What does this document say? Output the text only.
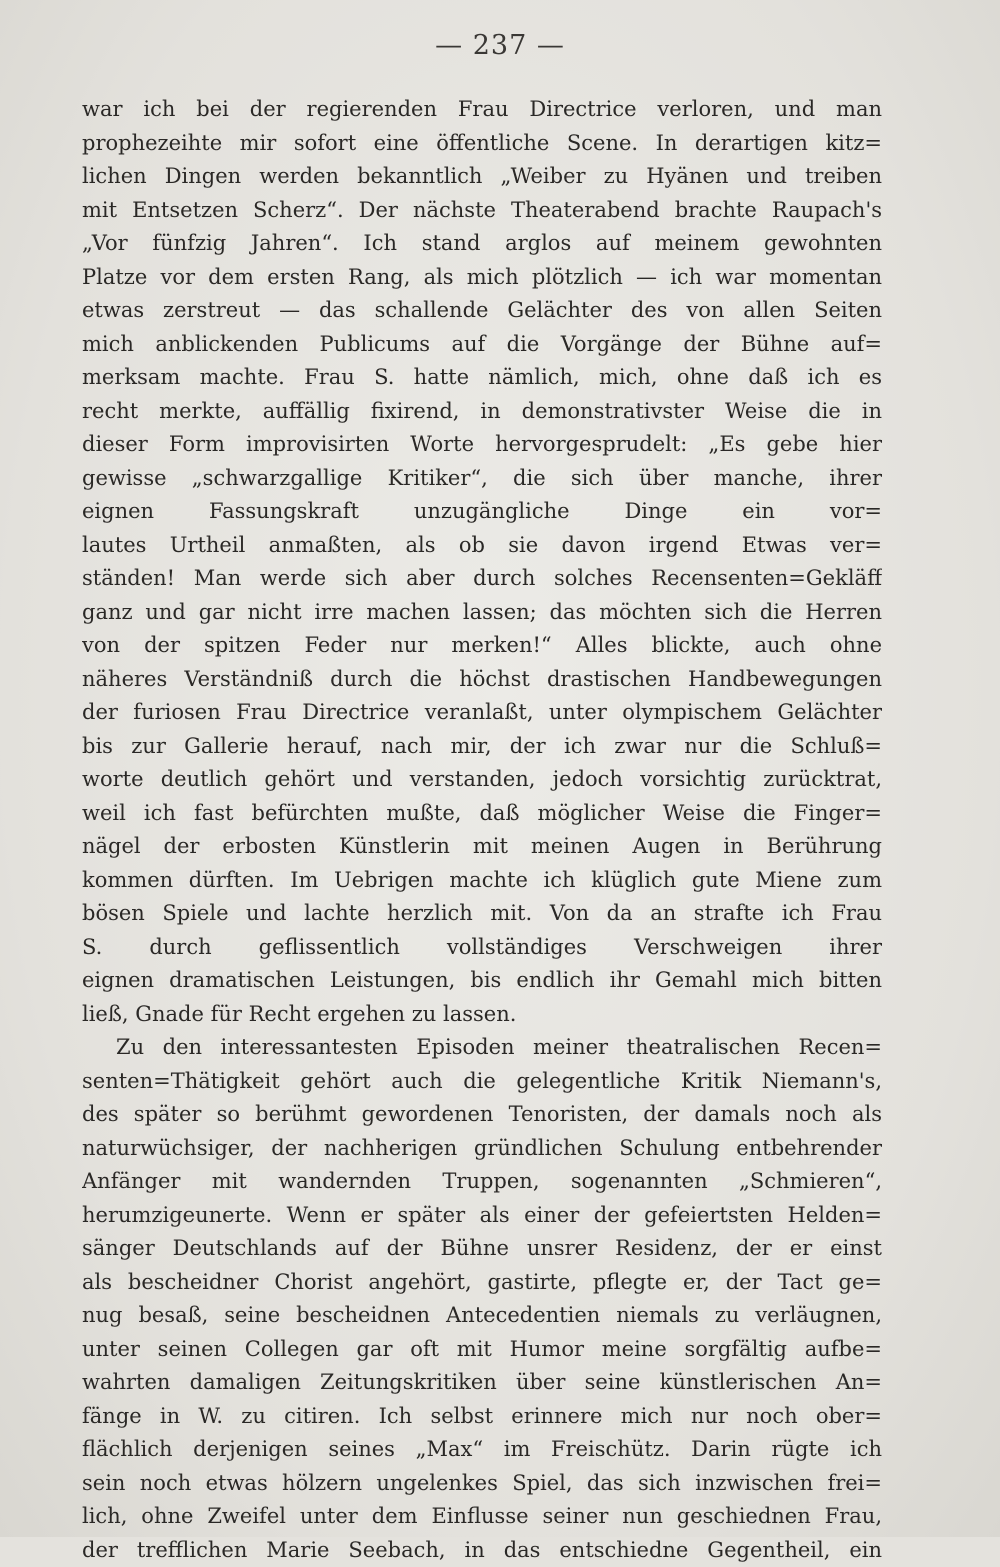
— 237 —
war ich bei der regierenden Frau Directrice verloren, und man
prophezeihte mir sofort eine öffentliche Scene. In derartigen kitz=
lichen Dingen werden bekanntlich „Weiber zu Hyänen und treiben
mit Entsetzen Scherz“. Der nächste Theaterabend brachte Raupach's
„Vor fünfzig Jahren“. Ich stand arglos auf meinem gewohnten
Platze vor dem ersten Rang, als mich plötzlich — ich war momentan
etwas zerstreut — das schallende Gelächter des von allen Seiten
mich anblickenden Publicums auf die Vorgänge der Bühne auf=
merksam machte. Frau S. hatte nämlich, mich, ohne daß ich es
recht merkte, auffällig fixirend, in demonstrativster Weise die in
dieser Form improvisirten Worte hervorgesprudelt: „Es gebe hier
gewisse „schwarzgallige Kritiker“, die sich über manche, ihrer
eignen Fassungskraft unzugängliche Dinge ein vor=
lautes Urtheil anmaßten, als ob sie davon irgend Etwas ver=
ständen! Man werde sich aber durch solches Recensenten=Gekläff
ganz und gar nicht irre machen lassen; das möchten sich die Herren
von der spitzen Feder nur merken!“ Alles blickte, auch ohne
näheres Verständniß durch die höchst drastischen Handbewegungen
der furiosen Frau Directrice veranlaßt, unter olympischem Gelächter
bis zur Gallerie herauf, nach mir, der ich zwar nur die Schluß=
worte deutlich gehört und verstanden, jedoch vorsichtig zurücktrat,
weil ich fast befürchten mußte, daß möglicher Weise die Finger=
nägel der erbosten Künstlerin mit meinen Augen in Berührung
kommen dürften. Im Uebrigen machte ich klüglich gute Miene zum
bösen Spiele und lachte herzlich mit. Von da an strafte ich Frau
S. durch geflissentlich vollständiges Verschweigen ihrer
eignen dramatischen Leistungen, bis endlich ihr Gemahl mich bitten
ließ, Gnade für Recht ergehen zu lassen.
Zu den interessantesten Episoden meiner theatralischen Recen=
senten=Thätigkeit gehört auch die gelegentliche Kritik Niemann's,
des später so berühmt gewordenen Tenoristen, der damals noch als
naturwüchsiger, der nachherigen gründlichen Schulung entbehrender
Anfänger mit wandernden Truppen, sogenannten „Schmieren“,
herumzigeunerte. Wenn er später als einer der gefeiertsten Helden=
sänger Deutschlands auf der Bühne unsrer Residenz, der er einst
als bescheidner Chorist angehört, gastirte, pflegte er, der Tact ge=
nug besaß, seine bescheidnen Antecedentien niemals zu verläugnen,
unter seinen Collegen gar oft mit Humor meine sorgfältig aufbe=
wahrten damaligen Zeitungskritiken über seine künstlerischen An=
fänge in W. zu citiren. Ich selbst erinnere mich nur noch ober=
flächlich derjenigen seines „Max“ im Freischütz. Darin rügte ich
sein noch etwas hölzern ungelenkes Spiel, das sich inzwischen frei=
lich, ohne Zweifel unter dem Einflusse seiner nun geschiednen Frau,
der trefflichen Marie Seebach, in das entschiedne Gegentheil, ein
